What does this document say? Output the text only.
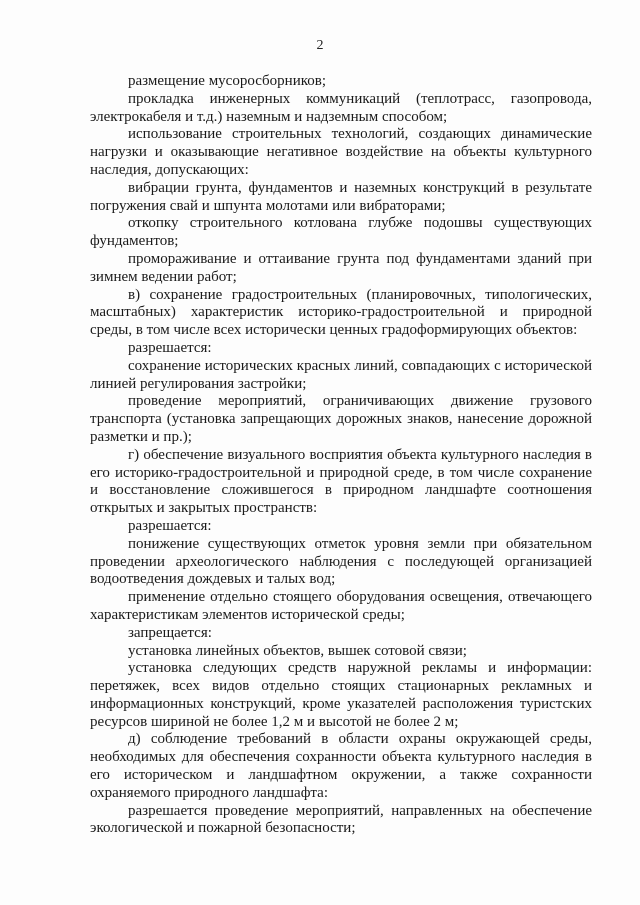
2

размещение мусоросборников;

прокладка инженерных коммуникаций (теплотрасс, газопровода, электрокабеля и т.д.) наземным и надземным способом;

использование строительных технологий, создающих динамические нагрузки и оказывающие негативное воздействие на объекты культурного наследия, допускающих:

вибрации грунта, фундаментов и наземных конструкций в результате погружения свай и шпунта молотами или вибраторами;

откопку строительного котлована глубже подошвы существующих фундаментов;

промораживание и оттаивание грунта под фундаментами зданий при зимнем ведении работ;

в) сохранение градостроительных (планировочных, типологических, масштабных) характеристик историко-градостроительной и природной среды, в том числе всех исторически ценных градоформирующих объектов:

разрешается:

сохранение исторических красных линий, совпадающих с исторической линией регулирования застройки;

проведение мероприятий, ограничивающих движение грузового транспорта (установка запрещающих дорожных знаков, нанесение дорожной разметки и пр.);

г) обеспечение визуального восприятия объекта культурного наследия в его историко-градостроительной и природной среде, в том числе сохранение и восстановление сложившегося в природном ландшафте соотношения открытых и закрытых пространств:

разрешается:

понижение существующих отметок уровня земли при обязательном проведении археологического наблюдения с последующей организацией водоотведения дождевых и талых вод;

применение отдельно стоящего оборудования освещения, отвечающего характеристикам элементов исторической среды;

запрещается:

установка линейных объектов, вышек сотовой связи;

установка следующих средств наружной рекламы и информации: перетяжек, всех видов отдельно стоящих стационарных рекламных и информационных конструкций, кроме указателей расположения туристских ресурсов шириной не более 1,2 м и высотой не более 2 м;

д) соблюдение требований в области охраны окружающей среды, необходимых для обеспечения сохранности объекта культурного наследия в его историческом и ландшафтном окружении, а также сохранности охраняемого природного ландшафта:

разрешается проведение мероприятий, направленных на обеспечение экологической и пожарной безопасности;
